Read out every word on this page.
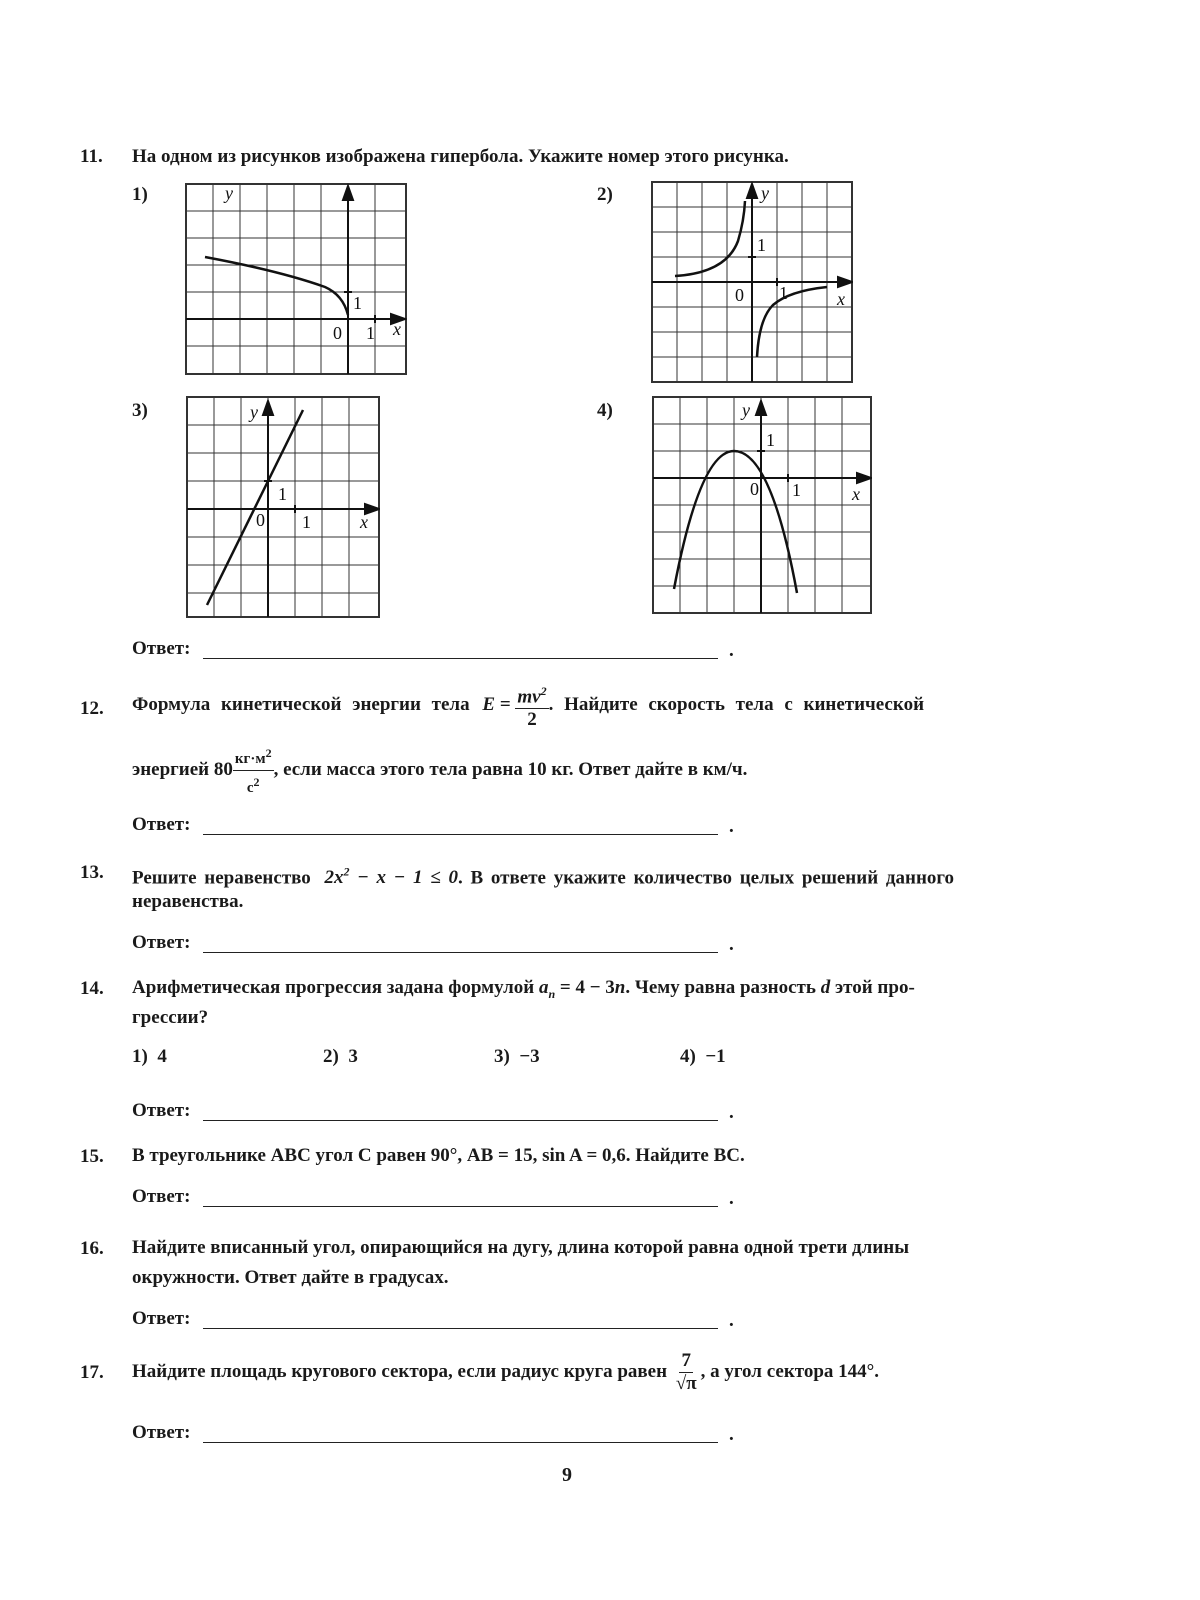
11. На одном из рисунков изображена гипербола. Укажите номер этого рисунка.
1)	2)
3)	4)
y
x
0 1
1
y
x
0 1
1
y
x
0 1
1
y
x
0 1
1
Ответ:	.
12. Формула кинетической энергии тела $E = \frac{mv^2}{2}$ . Найдите скорость тела с кинетической
энергией $80 \frac{кг\cdot м^2}{с^2}$ , если масса этого тела равна 10 кг. Ответ дайте в км/ч.
Ответ:	.
13. Решите неравенство $2x^2 - x - 1 \le 0$. В ответе укажите количество целых решений данного
неравенства.
Ответ:	.
14. Арифметическая прогрессия задана формулой $a_n = 4 - 3n$. Чему равна разность d этой про-
грессии?
1)  4	2)  3	3)  −3	4)  −1
Ответ:	.
15. В треугольнике ABC угол C равен 90°, AB = 15, sin A = 0,6. Найдите BC.
Ответ:	.
16. Найдите вписанный угол, опирающийся на дугу, длина которой равна одной трети длины
окружности. Ответ дайте в градусах.
Ответ:	.
17. Найдите площадь кругового сектора, если радиус круга равен $\frac{7}{√\pi}$ , а угол сектора 144°.
Ответ:	.
9
